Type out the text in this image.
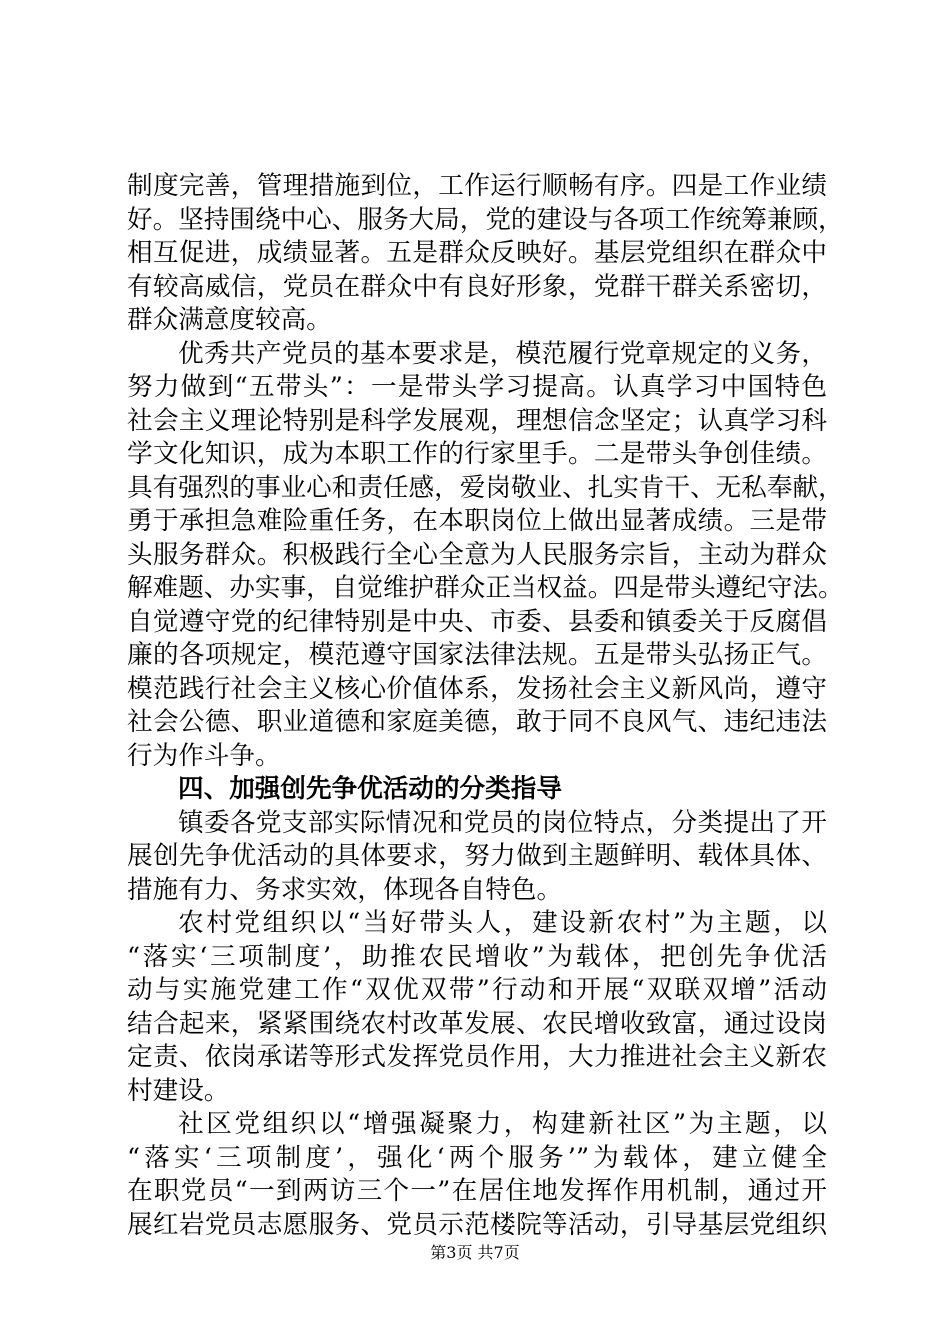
制度完善，管理措施到位，工作运行顺畅有序。四是工作业绩

好。坚持围绕中心、服务大局，党的建设与各项工作统筹兼顾，

相互促进，成绩显著。五是群众反映好。基层党组织在群众中

有较高威信，党员在群众中有良好形象，党群干群关系密切，

群众满意度较高。

优秀共产党员的基本要求是，模范履行党章规定的义务，

努力做到“五带头”：一是带头学习提高。认真学习中国特色

社会主义理论特别是科学发展观，理想信念坚定；认真学习科

学文化知识，成为本职工作的行家里手。二是带头争创佳绩。

具有强烈的事业心和责任感，爱岗敬业、扎实肯干、无私奉献，

勇于承担急难险重任务，在本职岗位上做出显著成绩。三是带

头服务群众。积极践行全心全意为人民服务宗旨，主动为群众

解难题、办实事，自觉维护群众正当权益。四是带头遵纪守法。

自觉遵守党的纪律特别是中央、市委、县委和镇委关于反腐倡

廉的各项规定，模范遵守国家法律法规。五是带头弘扬正气。

模范践行社会主义核心价值体系，发扬社会主义新风尚，遵守

社会公德、职业道德和家庭美德，敢于同不良风气、违纪违法

行为作斗争。

四、加强创先争优活动的分类指导

镇委各党支部实际情况和党员的岗位特点，分类提出了开

展创先争优活动的具体要求，努力做到主题鲜明、载体具体、

措施有力、务求实效，体现各自特色。

农村党组织以“当好带头人，建设新农村”为主题，以

“落实‘三项制度’，助推农民增收”为载体，把创先争优活

动与实施党建工作“双优双带”行动和开展“双联双增”活动

结合起来，紧紧围绕农村改革发展、农民增收致富，通过设岗

定责、依岗承诺等形式发挥党员作用，大力推进社会主义新农

村建设。

社区党组织以“增强凝聚力，构建新社区”为主题，以

“落实‘三项制度’，强化‘两个服务’”为载体，建立健全

在职党员“一到两访三个一”在居住地发挥作用机制，通过开

展红岩党员志愿服务、党员示范楼院等活动，引导基层党组织

第3页 共7页
